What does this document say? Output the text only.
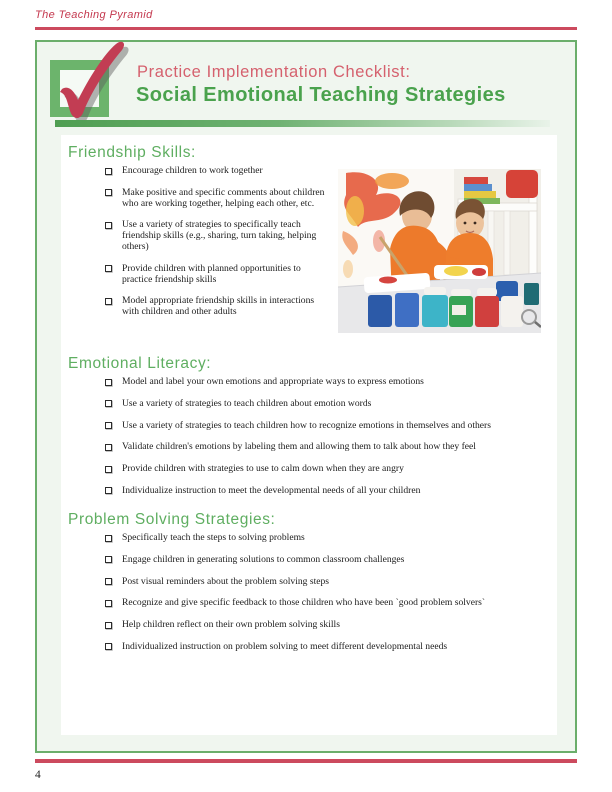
The Teaching Pyramid
Practice Implementation Checklist:
Social Emotional Teaching Strategies
Friendship Skills:
Encourage children to work together
Make positive and specific comments about children who are working together, helping each other, etc.
Use a variety of strategies to specifically teach friendship skills (e.g., sharing, turn taking, helping others)
Provide children with planned opportunities to practice friendship skills
Model appropriate friendship skills in interactions with children and other adults
Emotional Literacy:
Model and label your own emotions and appropriate ways to express emotions
Use a variety of strategies to teach children about emotion words
Use a variety of strategies to teach children how to recognize emotions in themselves and others
Validate children's emotions by labeling them and allowing them to talk about how they feel
Provide children with strategies to use to calm down when they are angry
Individualize instruction to meet the developmental needs of all your children
Problem Solving Strategies:
Specifically teach the steps to solving problems
Engage children in generating solutions to common classroom challenges
Post visual reminders about the problem solving steps
Recognize and give specific feedback to those children who have been `good problem solvers`
Help children reflect on their own problem solving skills
Individualized instruction on problem solving to meet different developmental needs
4
